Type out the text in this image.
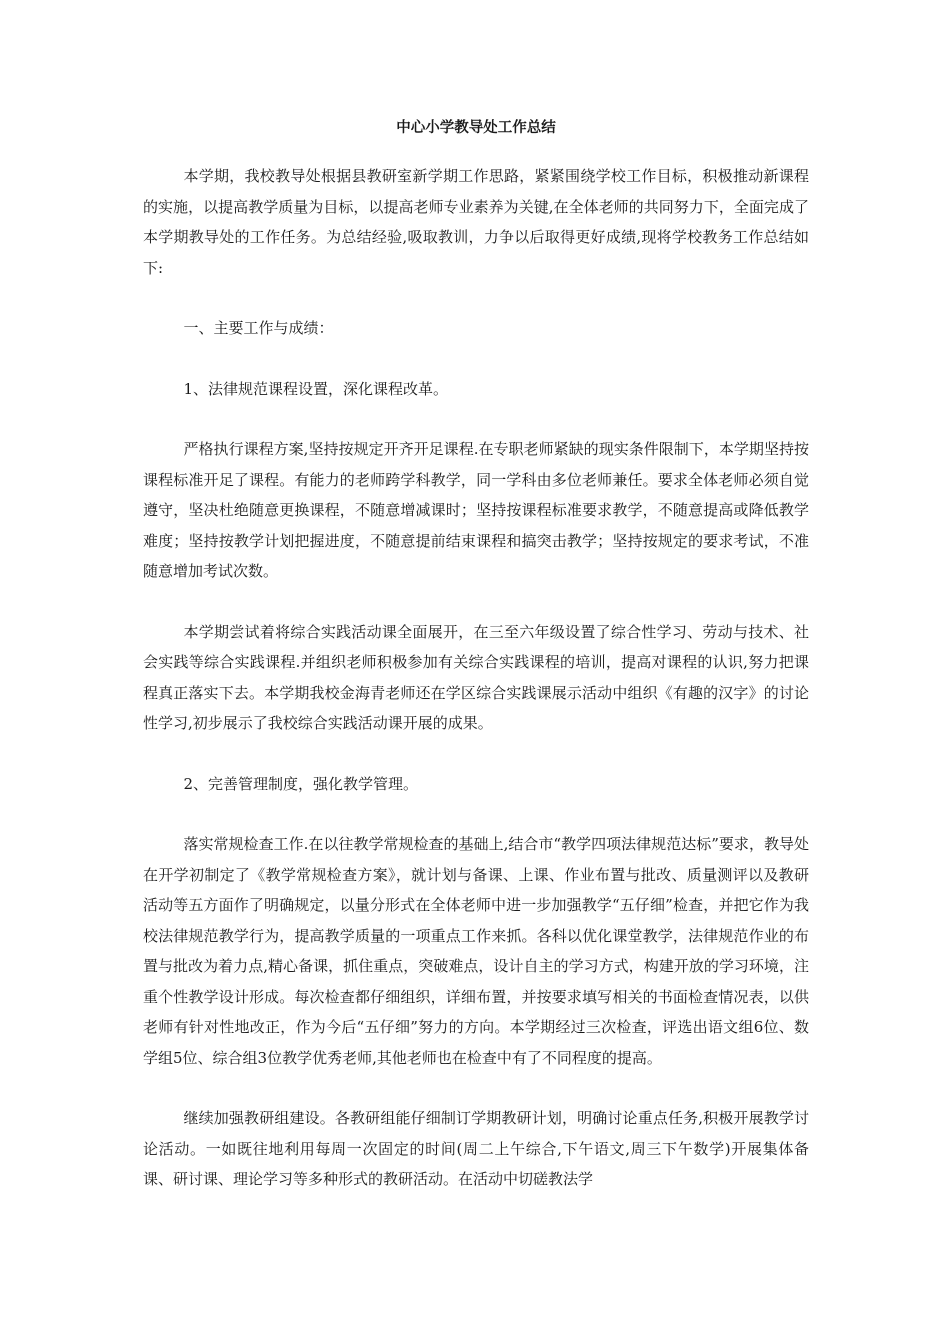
中心小学教导处工作总结

本学期，我校教导处根据县教研室新学期工作思路，紧紧围绕学校工作目标，积极推动新课程的实施，以提高教学质量为目标，以提高老师专业素养为关键,在全体老师的共同努力下，全面完成了本学期教导处的工作任务。为总结经验,吸取教训，力争以后取得更好成绩,现将学校教务工作总结如下:

一、主要工作与成绩：

1、法律规范课程设置，深化课程改革。

严格执行课程方案,坚持按规定开齐开足课程.在专职老师紧缺的现实条件限制下，本学期坚持按课程标准开足了课程。有能力的老师跨学科教学，同一学科由多位老师兼任。要求全体老师必须自觉遵守，坚决杜绝随意更换课程，不随意增减课时；坚持按课程标准要求教学，不随意提高或降低教学难度；坚持按教学计划把握进度，不随意提前结束课程和搞突击教学；坚持按规定的要求考试，不准随意增加考试次数。

本学期尝试着将综合实践活动课全面展开，在三至六年级设置了综合性学习、劳动与技术、社会实践等综合实践课程.并组织老师积极参加有关综合实践课程的培训，提高对课程的认识,努力把课程真正落实下去。本学期我校金海青老师还在学区综合实践课展示活动中组织《有趣的汉字》的讨论性学习,初步展示了我校综合实践活动课开展的成果。

2、完善管理制度，强化教学管理。

落实常规检查工作.在以往教学常规检查的基础上,结合市“教学四项法律规范达标”要求，教导处在开学初制定了《教学常规检查方案》，就计划与备课、上课、作业布置与批改、质量测评以及教研活动等五方面作了明确规定，以量分形式在全体老师中进一步加强教学“五仔细”检查，并把它作为我校法律规范教学行为，提高教学质量的一项重点工作来抓。各科以优化课堂教学，法律规范作业的布置与批改为着力点,精心备课，抓住重点，突破难点，设计自主的学习方式，构建开放的学习环境，注重个性教学设计形成。每次检查都仔细组织，详细布置，并按要求填写相关的书面检查情况表，以供老师有针对性地改正，作为今后“五仔细”努力的方向。本学期经过三次检查，评选出语文组6位、数学组5位、综合组3位教学优秀老师,其他老师也在检查中有了不同程度的提高。

继续加强教研组建设。各教研组能仔细制订学期教研计划，明确讨论重点任务,积极开展教学讨论活动。一如既往地利用每周一次固定的时间(周二上午综合,下午语文,周三下午数学)开展集体备课、研讨课、理论学习等多种形式的教研活动。在活动中切磋教法学
